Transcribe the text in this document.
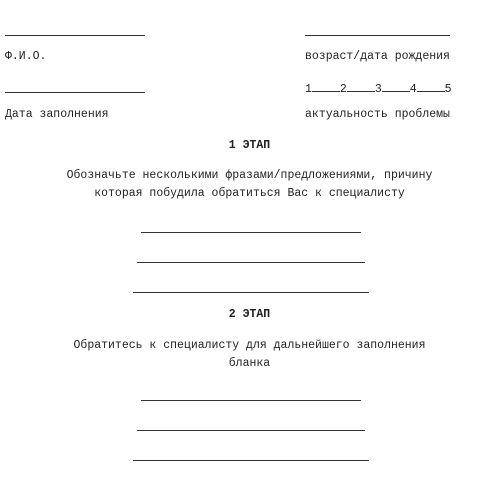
Ф.И.О.	возраст/дата рождения
1 2 3 4 5
Дата заполнения	актуальность проблемы
1 ЭТАП
Обозначьте несколькими фразами/предложениями, причину
которая побудила обратиться Вас к специалисту
2 ЭТАП
Обратитесь к специалисту для дальнейшего заполнения
бланка
